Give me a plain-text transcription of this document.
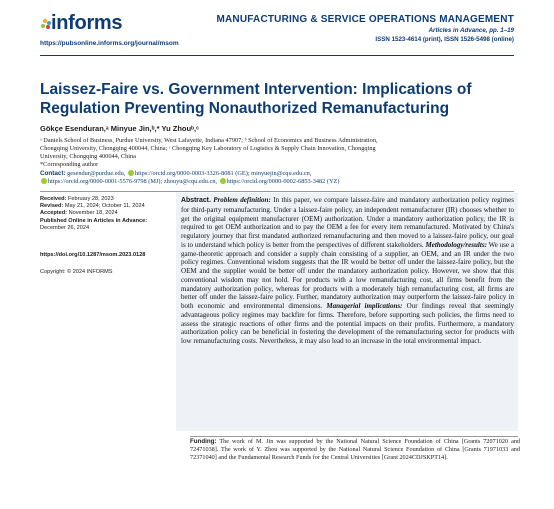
informs
https://pubsonline.informs.org/journal/msom
MANUFACTURING & SERVICE OPERATIONS MANAGEMENT
Articles in Advance, pp. 1–19
ISSN 1523-4614 (print), ISSN 1526-5498 (online)
Laissez-Faire vs. Government Intervention: Implications of Regulation Preventing Nonauthorized Remanufacturing
Gökçe Esenduran,ᵃ Minyue Jin,ᵇ,* Yu Zhouᵇ,ᶜ
ᵃ Daniels School of Business, Purdue University, West Lafayette, Indiana 47907; ᵇ School of Economics and Business Administration,
Chongqing University, Chongqing 400044, China; ᶜ Chongqing Key Laboratory of Logistics & Supply Chain Innovation, Chongqing
University, Chongqing 400044, China
*Corresponding author
Contact: gesendur@purdue.edu, https://orcid.org/0000-0003-3326-8081 (GE); minyuejin@cqu.edu.cn,
https://orcid.org/0000-0001-5576-9798 (MJ); zhouyu@cqu.edu.cn, https://orcid.org/0000-0002-6853-3482 (YZ)
Received: February 28, 2023
Revised: May 21, 2024; October 11, 2024
Accepted: November 18, 2024
Published Online in Articles in Advance:
December 26, 2024
https://doi.org/10.1287/msom.2023.0128
Copyright: © 2024 INFORMS
Abstract. Problem definition: In this paper, we compare laissez-faire and mandatory authorization policy regimes for third-party remanufacturing. Under a laissez-faire policy, an independent remanufacturer (IR) chooses whether to get the original equipment manufacturer (OEM) authorization. Under a mandatory authorization policy, the IR is required to get OEM authorization and to pay the OEM a fee for every item remanufactured. Motivated by China's regulatory journey that first mandated authorized remanufacturing and then moved to a laissez-faire policy, our goal is to understand which policy is better from the perspectives of different stakeholders. Methodology/results: We use a game-theoretic approach and consider a supply chain consisting of a supplier, an OEM, and an IR under the two policy regimes. Conventional wisdom suggests that the IR would be better off under the laissez-faire policy, but the OEM and the supplier would be better off under the mandatory authorization policy. However, we show that this conventional wisdom may not hold. For products with a low remanufacturing cost, all firms benefit from the mandatory authorization policy, whereas for products with a moderately high remanufacturing cost, all firms are better off under the laissez-faire policy. Further, mandatory authorization may outperform the laissez-faire policy in both economic and environmental dimensions. Managerial implications: Our findings reveal that seemingly advantageous policy regimes may backfire for firms. Therefore, before supporting such policies, the firms need to assess the strategic reactions of other firms and the potential impacts on their profits. Furthermore, a mandatory authorization policy can be beneficial in fostering the development of the remanufacturing sector for products with low remanufacturing costs. Nevertheless, it may also lead to an increase in the total environmental impact.
Funding: The work of M. Jin was supported by the National Natural Science Foundation of China [Grants 72071020 and 72471038]. The work of Y. Zhou was supported by the National Natural Science Foundation of China [Grants 71971033 and 72371040] and the Fundamental Research Funds for the Central Universities [Grant 2024CDJSKPT14].
